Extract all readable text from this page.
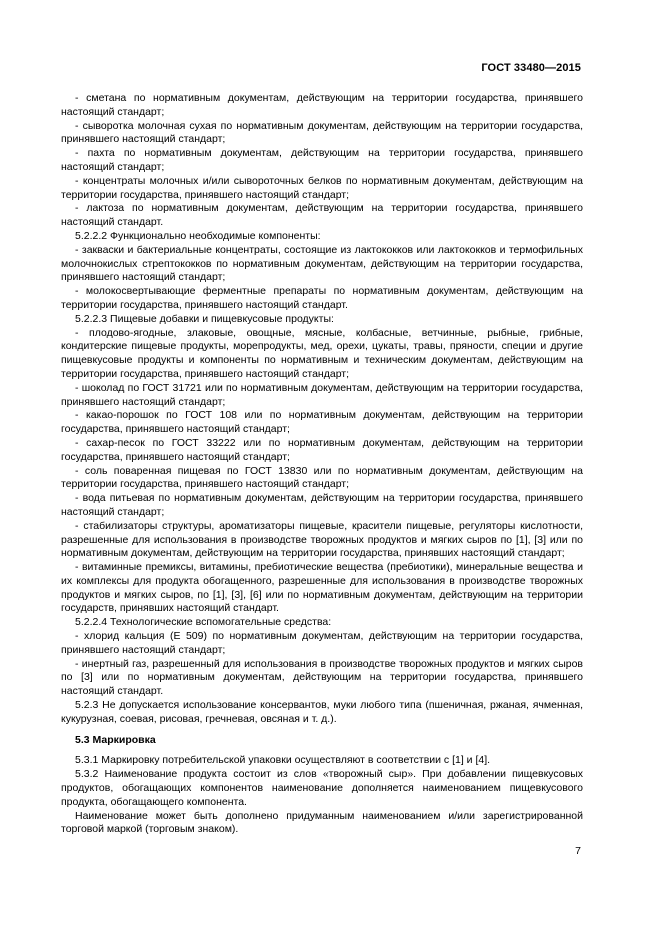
ГОСТ 33480—2015

- сметана по нормативным документам, действующим на территории государства, принявшего настоящий стандарт;

- сыворотка молочная сухая по нормативным документам, действующим на территории государства, принявшего настоящий стандарт;

- пахта по нормативным документам, действующим на территории государства, принявшего настоящий стандарт;

- концентраты молочных и/или сывороточных белков по нормативным документам, действующим на территории государства, принявшего настоящий стандарт;

- лактоза по нормативным документам, действующим на территории государства, принявшего настоящий стандарт.

5.2.2.2 Функционально необходимые компоненты:

- закваски и бактериальные концентраты, состоящие из лактококков или лактококков и термофильных молочнокислых стрептококков по нормативным документам, действующим на территории государства, принявшего настоящий стандарт;

- молокосвертывающие ферментные препараты по нормативным документам, действующим на территории государства, принявшего настоящий стандарт.

5.2.2.3 Пищевые добавки и пищевкусовые продукты:

- плодово-ягодные, злаковые, овощные, мясные, колбасные, ветчинные, рыбные, грибные, кондитерские пищевые продукты, морепродукты, мед, орехи, цукаты, травы, пряности, специи и другие пищевкусовые продукты и компоненты по нормативным и техническим документам, действующим на территории государства, принявшего настоящий стандарт;

- шоколад по ГОСТ 31721 или по нормативным документам, действующим на территории государства, принявшего настоящий стандарт;

- какао-порошок по ГОСТ 108 или по нормативным документам, действующим на территории государства, принявшего настоящий стандарт;

- сахар-песок по ГОСТ 33222 или по нормативным документам, действующим на территории государства, принявшего настоящий стандарт;

- соль поваренная пищевая по ГОСТ 13830 или по нормативным документам, действующим на территории государства, принявшего настоящий стандарт;

- вода питьевая по нормативным документам, действующим на территории государства, принявшего настоящий стандарт;

- стабилизаторы структуры, ароматизаторы пищевые, красители пищевые, регуляторы кислотности, разрешенные для использования в производстве творожных продуктов и мягких сыров по [1], [3] или по нормативным документам, действующим на территории государства, принявших настоящий стандарт;

- витаминные премиксы, витамины, пребиотические вещества (пребиотики), минеральные вещества и их комплексы для продукта обогащенного, разрешенные для использования в производстве творожных продуктов и мягких сыров, по [1], [3], [6] или по нормативным документам, действующим на территории государств, принявших настоящий стандарт.

5.2.2.4 Технологические вспомогательные средства:

- хлорид кальция (Е 509) по нормативным документам, действующим на территории государства, принявшего настоящий стандарт;

- инертный газ, разрешенный для использования в производстве творожных продуктов и мягких сыров по [3] или по нормативным документам, действующим на территории государства, принявшего настоящий стандарт.

5.2.3 Не допускается использование консервантов, муки любого типа (пшеничная, ржаная, ячменная, кукурузная, соевая, рисовая, гречневая, овсяная и т. д.).

5.3 Маркировка

5.3.1 Маркировку потребительской упаковки осуществляют в соответствии с [1] и [4].

5.3.2 Наименование продукта состоит из слов «творожный сыр». При добавлении пищевкусовых продуктов, обогащающих компонентов наименование дополняется наименованием пищевкусового продукта, обогащающего компонента.

Наименование может быть дополнено придуманным наименованием и/или зарегистрированной торговой маркой (торговым знаком).

7
